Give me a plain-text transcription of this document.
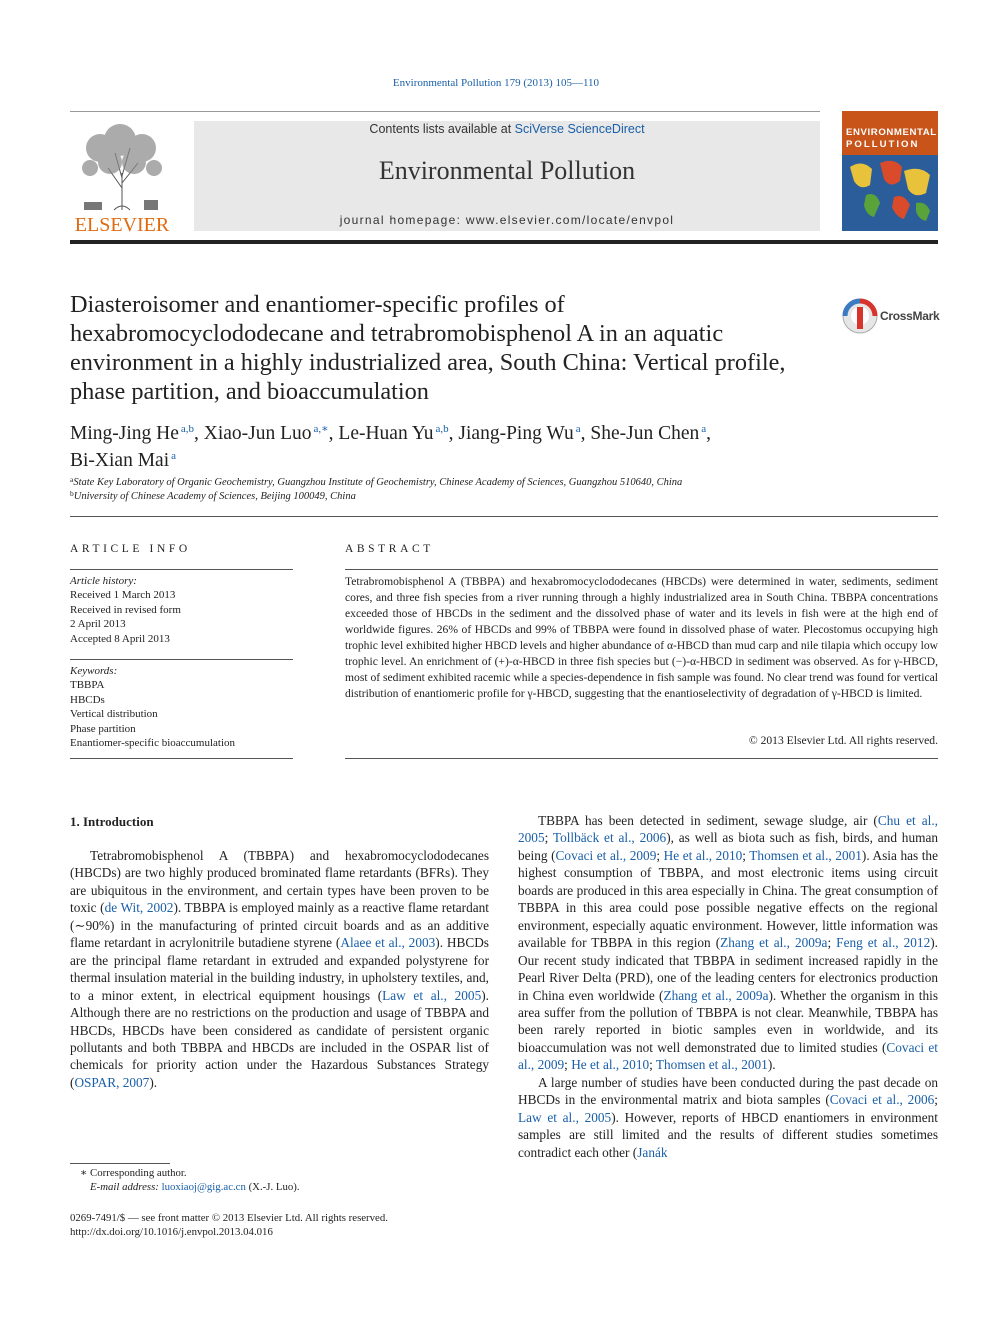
Environmental Pollution 179 (2013) 105—110
ELSEVIER
Contents lists available at SciVerse ScienceDirect
Environmental Pollution
journal homepage: www.elsevier.com/locate/envpol
ENVIRONMENTAL
POLLUTION
Diasteroisomer and enantiomer-specific profiles of hexabromocyclododecane and tetrabromobisphenol A in an aquatic environment in a highly industrialized area, South China: Vertical profile, phase partition, and bioaccumulation
CrossMark
Ming-Jing He $^{a,b}$, Xiao-Jun Luo $^{a,∗}$, Le-Huan Yu $^{a,b}$, Jiang-Ping Wu $^a$, She-Jun Chen $^a$,
Bi-Xian Mai $^a$
$^a$State Key Laboratory of Organic Geochemistry, Guangzhou Institute of Geochemistry, Chinese Academy of Sciences, Guangzhou 510640, China
$^b$University of Chinese Academy of Sciences, Beijing 100049, China
ARTICLE INFO	ABSTRACT
Article history:
Received 1 March 2013
Received in revised form
2 April 2013
Accepted 8 April 2013
Keywords:
TBBPA
HBCDs
Vertical distribution
Phase partition
Enantiomer-specific bioaccumulation
Tetrabromobisphenol A (TBBPA) and hexabromocyclododecanes (HBCDs) were determined in water, sediments, sediment cores, and three fish species from a river running through a highly industrialized area in South China. TBBPA concentrations exceeded those of HBCDs in the sediment and the dissolved phase of water and its levels in fish were at the high end of worldwide figures. 26% of HBCDs and 99% of TBBPA were found in dissolved phase of water. Plecostomus occupying high trophic level exhibited higher HBCD levels and higher abundance of α-HBCD than mud carp and nile tilapia which occupy low trophic level. An enrichment of (+)-α-HBCD in three fish species but (−)-α-HBCD in sediment was observed. As for γ-HBCD, most of sediment exhibited racemic while a species-dependence in fish sample was found. No clear trend was found for vertical distribution of enantiomeric profile for γ-HBCD, suggesting that the enantioselectivity of degradation of γ-HBCD is limited.
© 2013 Elsevier Ltd. All rights reserved.
1. Introduction

Tetrabromobisphenol A (TBBPA) and hexabromocyclododecanes (HBCDs) are two highly produced brominated flame retardants (BFRs). They are ubiquitous in the environment, and certain types have been proven to be toxic (de Wit, 2002). TBBPA is employed mainly as a reactive flame retardant (∼90%) in the manufacturing of printed circuit boards and as an additive flame retardant in acrylonitrile butadiene styrene (Alaee et al., 2003). HBCDs are the principal flame retardant in extruded and expanded polystyrene for thermal insulation material in the building industry, in upholstery textiles, and, to a minor extent, in electrical equipment housings (Law et al., 2005). Although there are no restrictions on the production and usage of TBBPA and HBCDs, HBCDs have been considered as candidate of persistent organic pollutants and both TBBPA and HBCDs are included in the OSPAR list of chemicals for priority action under the Hazardous Substances Strategy (OSPAR, 2007).

TBBPA has been detected in sediment, sewage sludge, air (Chu et al., 2005; Tollbäck et al., 2006), as well as biota such as fish, birds, and human being (Covaci et al., 2009; He et al., 2010; Thomsen et al., 2001). Asia has the highest consumption of TBBPA, and most electronic items using circuit boards are produced in this area especially in China. The great consumption of TBBPA in this area could pose possible negative effects on the regional environment, especially aquatic environment. However, little information was available for TBBPA in this region (Zhang et al., 2009a; Feng et al., 2012). Our recent study indicated that TBBPA in sediment increased rapidly in the Pearl River Delta (PRD), one of the leading centers for electronics production in China even worldwide (Zhang et al., 2009a). Whether the organism in this area suffer from the pollution of TBBPA is not clear. Meanwhile, TBBPA has been rarely reported in biotic samples even in worldwide, and its bioaccumulation was not well demonstrated due to limited studies (Covaci et al., 2009; He et al., 2010; Thomsen et al., 2001).

A large number of studies have been conducted during the past decade on HBCDs in the environmental matrix and biota samples (Covaci et al., 2006; Law et al., 2005). However, reports of HBCD enantiomers in environment samples are still limited and the results of different studies sometimes contradict each other (Janák

∗ Corresponding author.
E-mail address: luoxiaoj@gig.ac.cn (X.-J. Luo).
0269-7491/$ — see front matter © 2013 Elsevier Ltd. All rights reserved.
http://dx.doi.org/10.1016/j.envpol.2013.04.016
